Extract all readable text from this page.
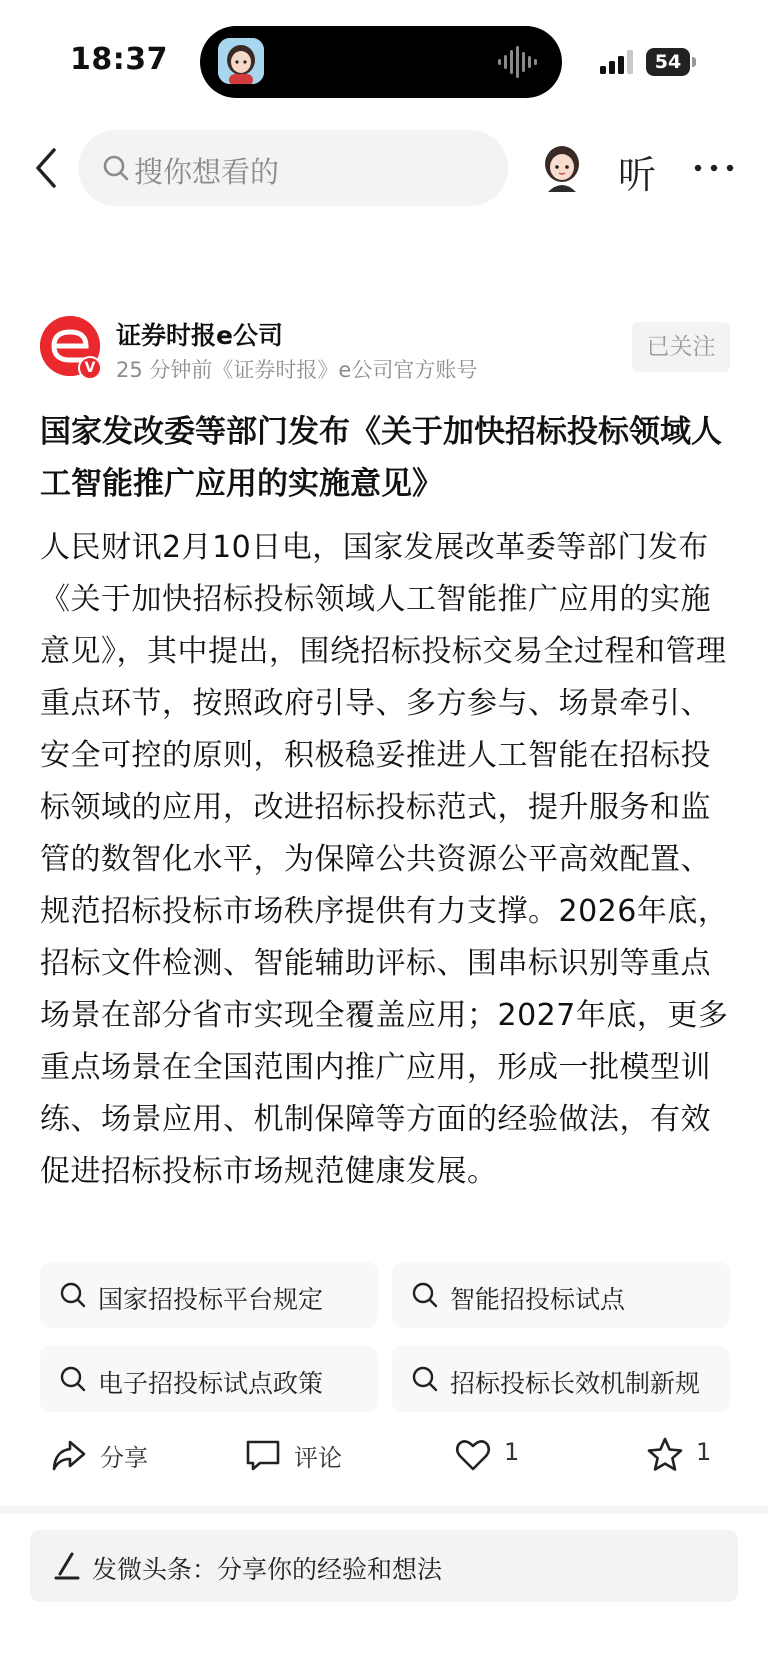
18:37	54
搜你想看的	听
V
证券时报e公司
25 分钟前《证券时报》e公司官方账号
已关注
国家发改委等部门发布《关于加快招标投标领域人工智能推广应用的实施意见》
人民财讯2月10日电，国家发展改革委等部门发布《关于加快招标投标领域人工智能推广应用的实施意见》，其中提出，围绕招标投标交易全过程和管理重点环节，按照政府引导、多方参与、场景牵引、安全可控的原则，积极稳妥推进人工智能在招标投标领域的应用，改进招标投标范式，提升服务和监管的数智化水平，为保障公共资源公平高效配置、规范招标投标市场秩序提供有力支撑。2026年底，招标文件检测、智能辅助评标、围串标识别等重点场景在部分省市实现全覆盖应用；2027年底，更多重点场景在全国范围内推广应用，形成一批模型训练、场景应用、机制保障等方面的经验做法，有效促进招标投标市场规范健康发展。
国家招投标平台规定	智能招投标试点
电子招投标试点政策	招标投标长效机制新规
分享	评论	1	1
发微头条：分享你的经验和想法
